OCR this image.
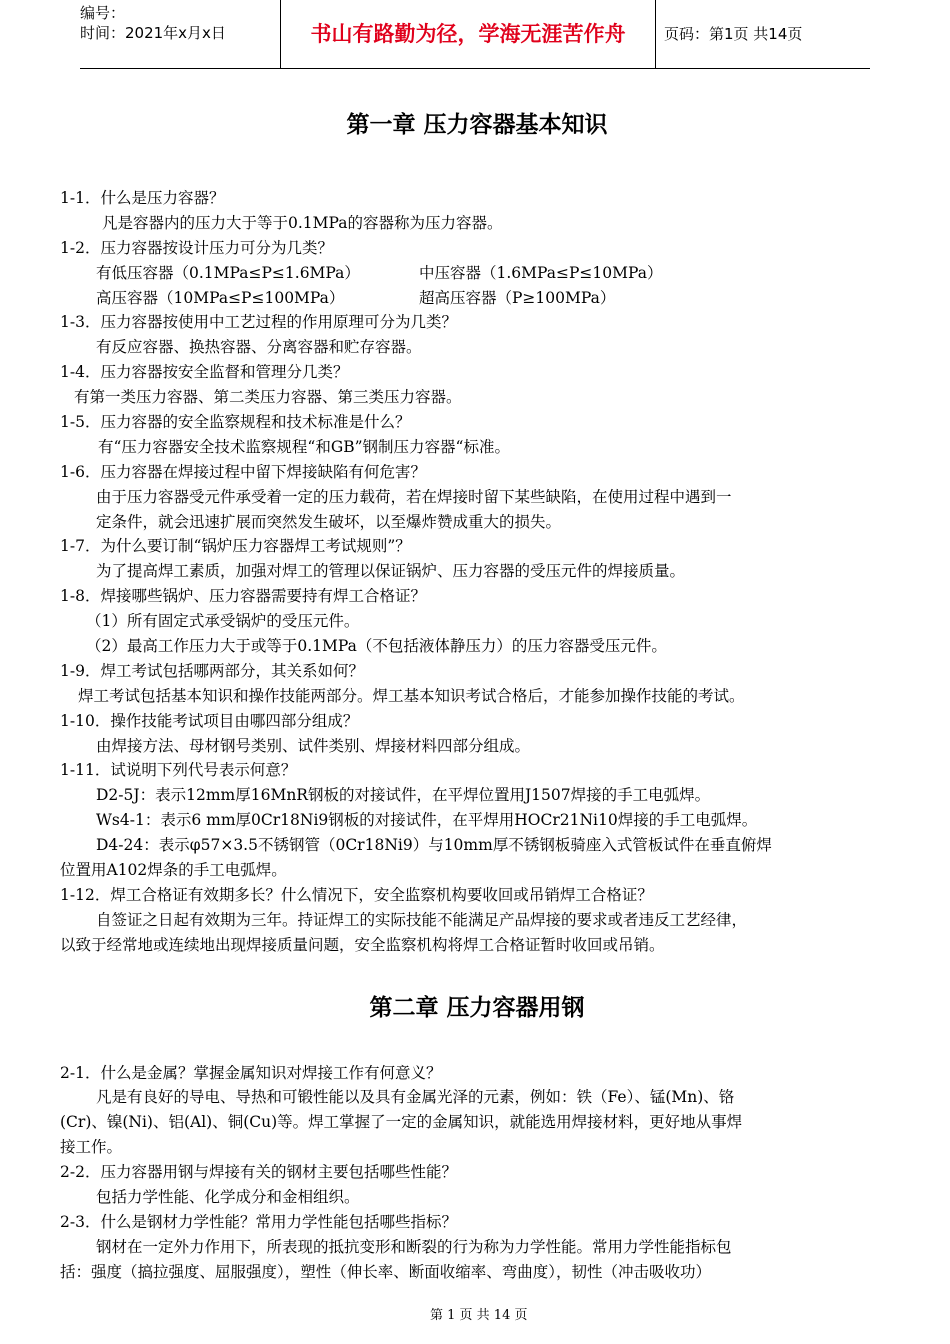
编号：
时间：2021年x月x日	书山有路勤为径，学海无涯苦作舟	页码：第1页 共14页
第一章 压力容器基本知识

1-1．什么是压力容器？

凡是容器内的压力大于等于0.1MPa的容器称为压力容器。

1-2．压力容器按设计压力可分为几类？

有低压容器（0.1MPa≤P≤1.6MPa）	中压容器（1.6MPa≤P≤10MPa）
高压容器（10MPa≤P≤100MPa）	超高压容器（P≥100MPa）

1-3．压力容器按使用中工艺过程的作用原理可分为几类？

有反应容器、换热容器、分离容器和贮存容器。

1-4．压力容器按安全监督和管理分几类？

有第一类压力容器、第二类压力容器、第三类压力容器。

1-5．压力容器的安全监察规程和技术标准是什么？

有“压力容器安全技术监察规程“和GB”钢制压力容器“标准。

1-6．压力容器在焊接过程中留下焊接缺陷有何危害？

由于压力容器受元件承受着一定的压力载荷，若在焊接时留下某些缺陷，在使用过程中遇到一

定条件，就会迅速扩展而突然发生破坏，以至爆炸赞成重大的损失。

1-7．为什么要订制“锅炉压力容器焊工考试规则”？

为了提高焊工素质，加强对焊工的管理以保证锅炉、压力容器的受压元件的焊接质量。

1-8．焊接哪些锅炉、压力容器需要持有焊工合格证？

（1）所有固定式承受锅炉的受压元件。

（2）最高工作压力大于或等于0.1MPa（不包括液体静压力）的压力容器受压元件。

1-9．焊工考试包括哪两部分，其关系如何？

焊工考试包括基本知识和操作技能两部分。焊工基本知识考试合格后，才能参加操作技能的考试。

1-10．操作技能考试项目由哪四部分组成？

由焊接方法、母材钢号类别、试件类别、焊接材料四部分组成。

1-11．试说明下列代号表示何意？

D2-5J：表示12mm厚16MnR钢板的对接试件，在平焊位置用J1507焊接的手工电弧焊。

Ws4-1：表示6 mm厚0Cr18Ni9钢板的对接试件，在平焊用HOCr21Ni10焊接的手工电弧焊。

D4-24：表示φ57×3.5不锈钢管（0Cr18Ni9）与10mm厚不锈钢板骑座入式管板试件在垂直俯焊

位置用A102焊条的手工电弧焊。

1-12．焊工合格证有效期多长？什么情况下，安全监察机构要收回或吊销焊工合格证？

自签证之日起有效期为三年。持证焊工的实际技能不能满足产品焊接的要求或者违反工艺经律，

以致于经常地或连续地出现焊接质量问题，安全监察机构将焊工合格证暂时收回或吊销。

第二章 压力容器用钢

2-1．什么是金属？掌握金属知识对焊接工作有何意义？

凡是有良好的导电、导热和可锻性能以及具有金属光泽的元素，例如：铁（Fe）、锰(Mn)、铬

(Cr)、镍(Ni)、铝(Al)、铜(Cu)等。焊工掌握了一定的金属知识，就能选用焊接材料，更好地从事焊

接工作。

2-2．压力容器用钢与焊接有关的钢材主要包括哪些性能？

包括力学性能、化学成分和金相组织。

2-3．什么是钢材力学性能？常用力学性能包括哪些指标？

钢材在一定外力作用下，所表现的抵抗变形和断裂的行为称为力学性能。常用力学性能指标包

括：强度（搞拉强度、屈服强度），塑性（伸长率、断面收缩率、弯曲度），韧性（冲击吸收功）

第 1 页 共 14 页
